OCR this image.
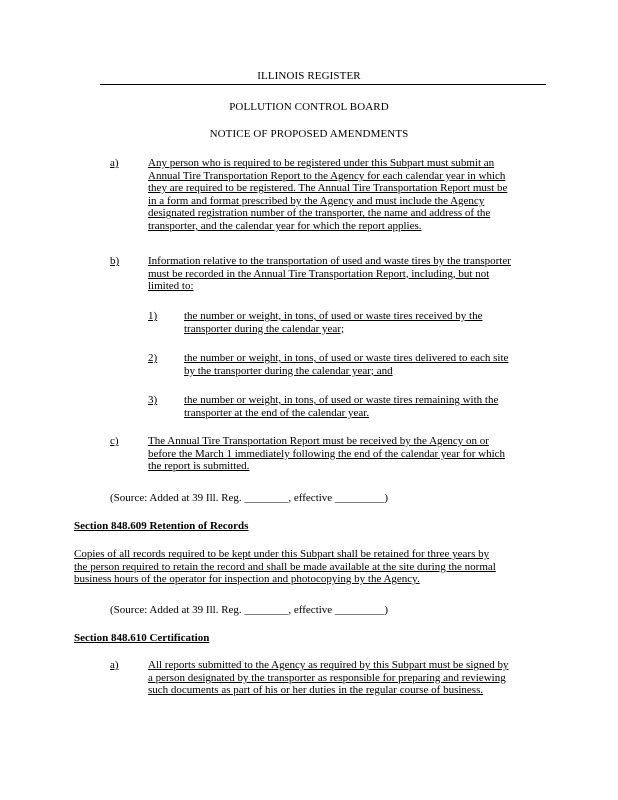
ILLINOIS REGISTER
POLLUTION CONTROL BOARD
NOTICE OF PROPOSED AMENDMENTS
a)	Any person who is required to be registered under this Subpart must submit an
Annual Tire Transportation Report to the Agency for each calendar year in which
they are required to be registered. The Annual Tire Transportation Report must be
in a form and format prescribed by the Agency and must include the Agency
designated registration number of the transporter, the name and address of the
transporter, and the calendar year for which the report applies.
b)	Information relative to the transportation of used and waste tires by the transporter
must be recorded in the Annual Tire Transportation Report, including, but not
limited to:
1) the number or weight, in tons, of used or waste tires received by the
transporter during the calendar year;
2) the number or weight, in tons, of used or waste tires delivered to each site
by the transporter during the calendar year; and
3) the number or weight, in tons, of used or waste tires remaining with the
transporter at the end of the calendar year.
c)	The Annual Tire Transportation Report must be received by the Agency on or
before the March 1 immediately following the end of the calendar year for which
the report is submitted.
(Source: Added at 39 Ill. Reg. ________, effective _________)
Section 848.609 Retention of Records
Copies of all records required to be kept under this Subpart shall be retained for three years by
the person required to retain the record and shall be made available at the site during the normal
business hours of the operator for inspection and photocopying by the Agency.
(Source: Added at 39 Ill. Reg. ________, effective _________)
Section 848.610 Certification
a)	All reports submitted to the Agency as required by this Subpart must be signed by
a person designated by the transporter as responsible for preparing and reviewing
such documents as part of his or her duties in the regular course of business.
